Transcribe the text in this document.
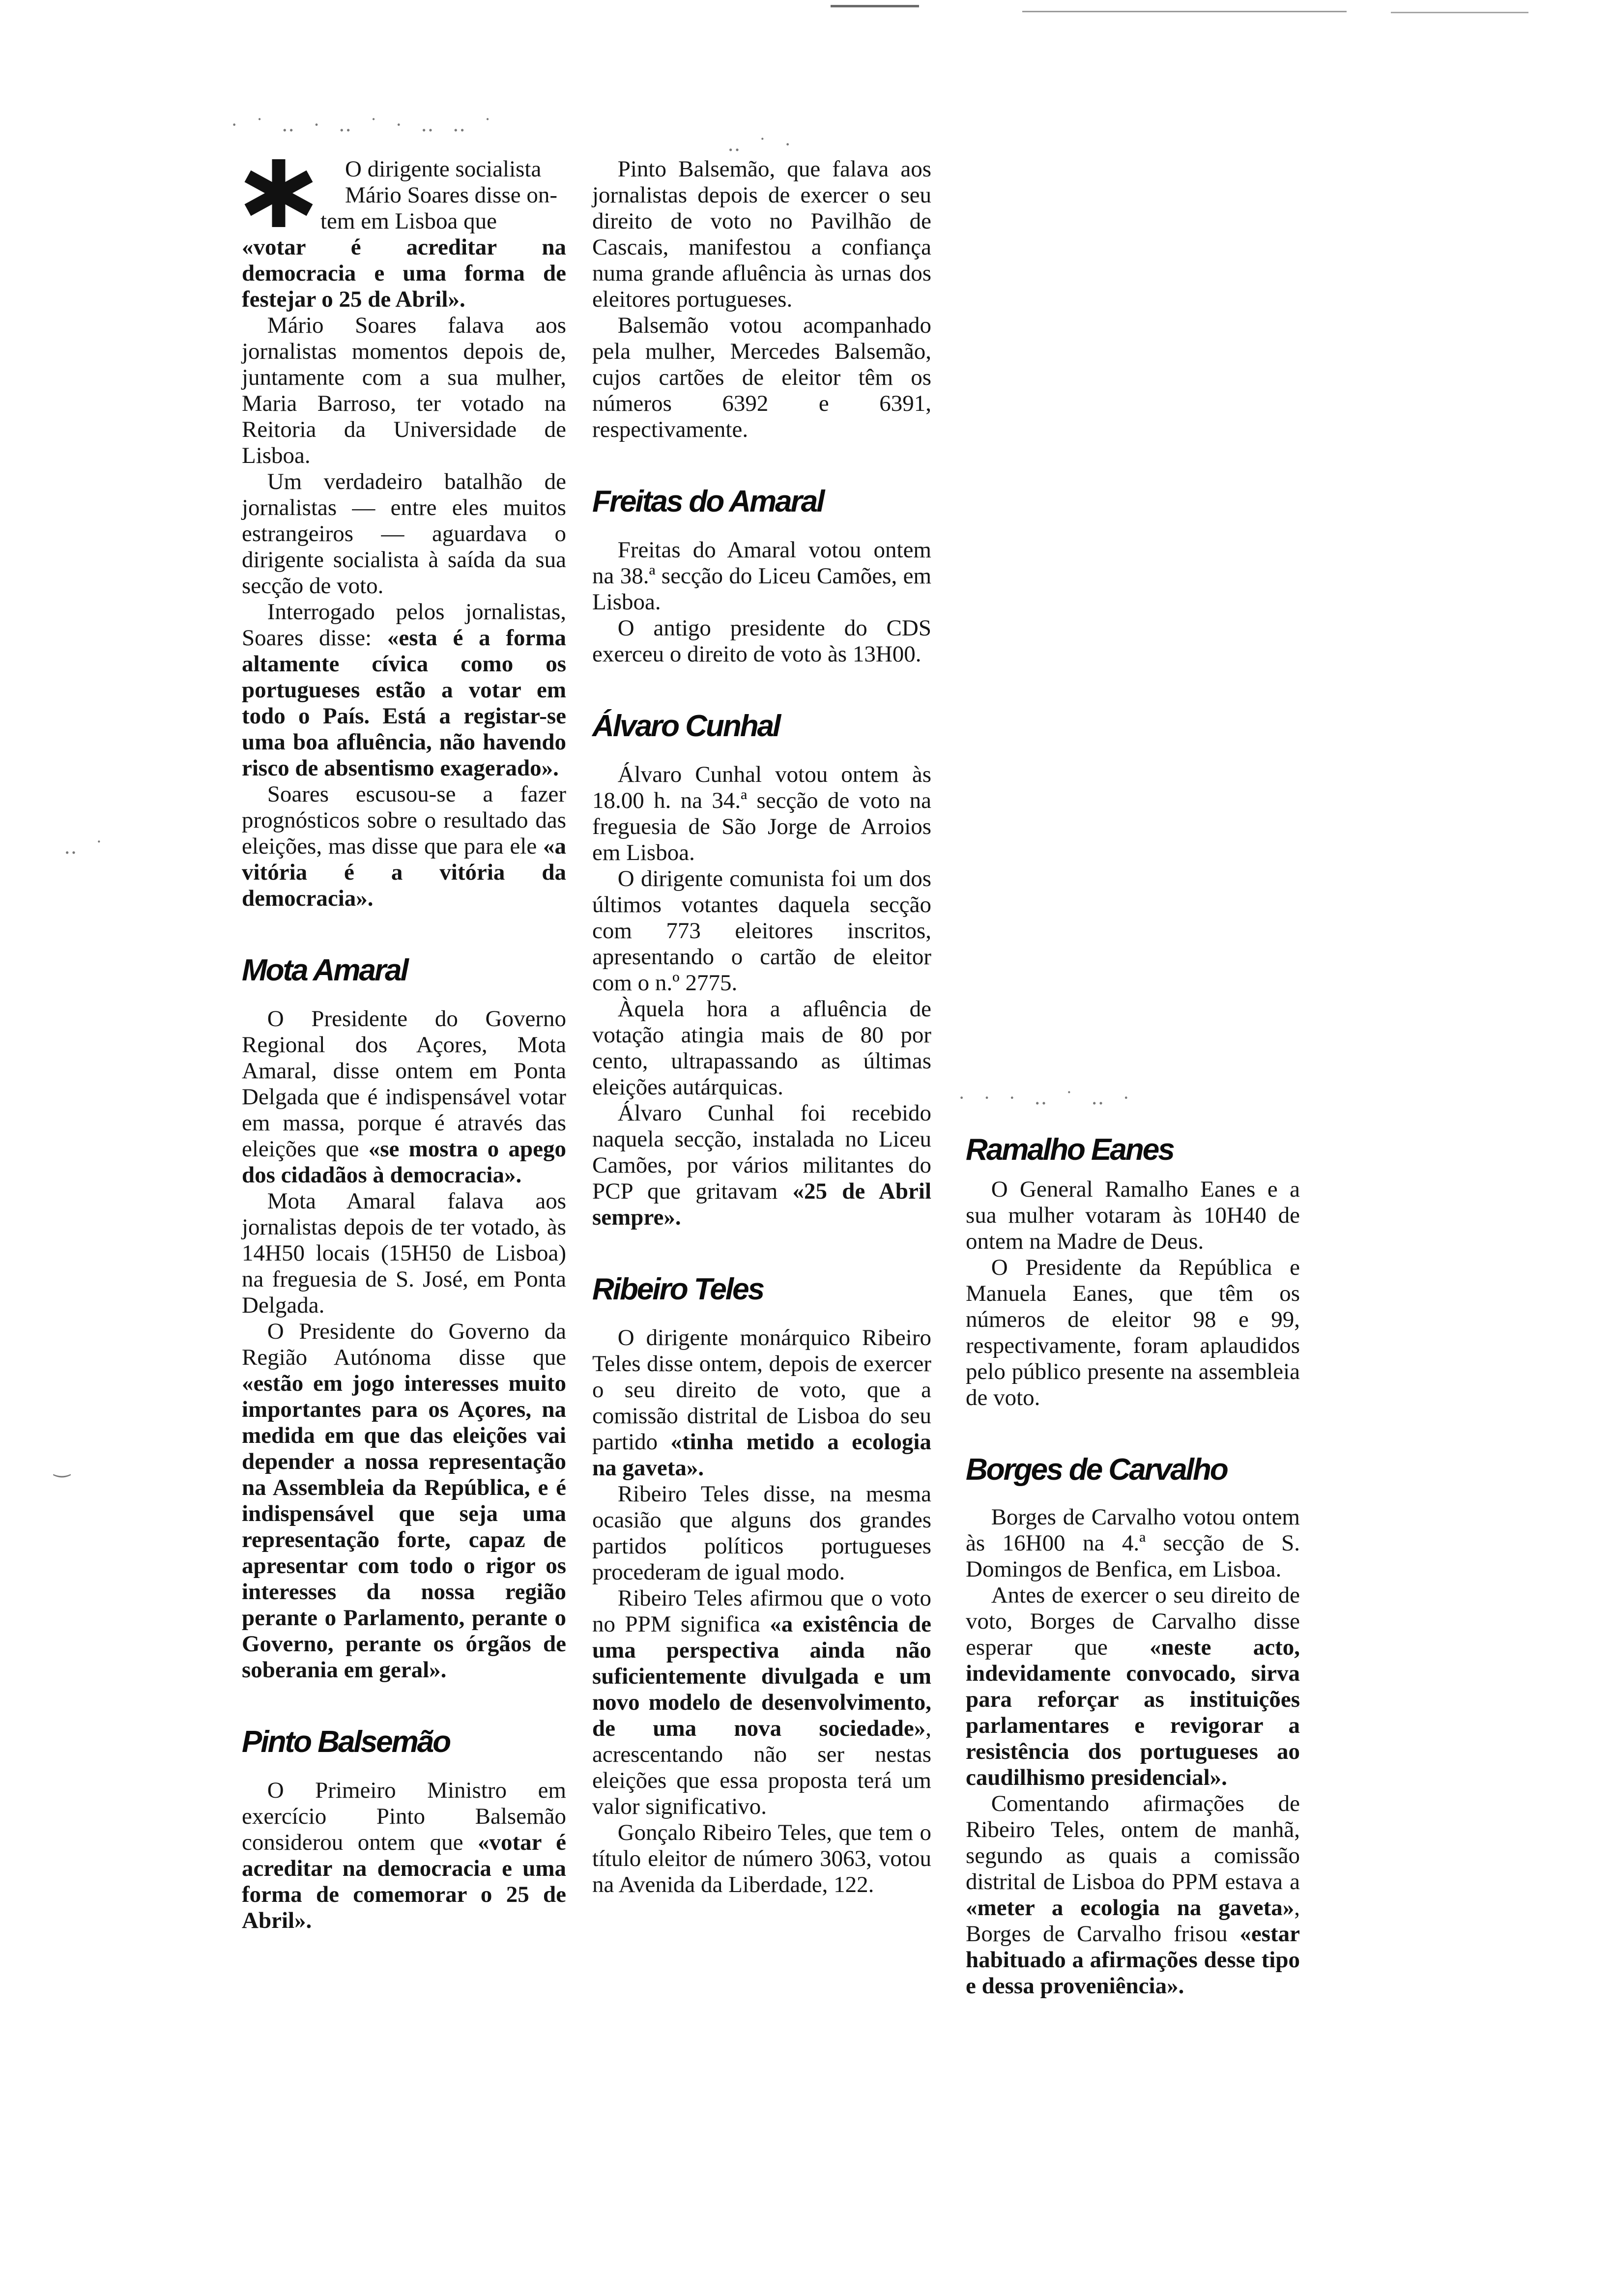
· ˙ ‥ · ‥ ˙ · ‥ ‥ ˙
‥ ˙ ·
· · · ‥ ˙ ‥ ·
‥ ˙
‿

O dirigente socialista

Mário Soares disse on-

tem em Lisboa que

«votar é acreditar na democracia e uma forma de festejar o 25 de Abril».

Mário Soares falava aos jornalistas momentos depois de, juntamente com a sua mulher, Maria Barroso, ter votado na Reitoria da Universidade de Lisboa.

Um verdadeiro batalhão de jornalistas — entre eles muitos estrangeiros — aguardava o dirigente socialista à saída da sua secção de voto.

Interrogado pelos jornalistas, Soares disse: «esta é a forma altamente cívica como os portugueses estão a votar em todo o País. Está a registar-se uma boa afluência, não havendo risco de absentismo exagerado».

Soares escusou-se a fazer prognósticos sobre o resultado das eleições, mas disse que para ele «a vitória é a vitória da democracia».

Mota Amaral

O Presidente do Governo Regional dos Açores, Mota Amaral, disse ontem em Ponta Delgada que é indispensável votar em massa, porque é através das eleições que «se mostra o apego dos cidadãos à democracia».

Mota Amaral falava aos jornalistas depois de ter votado, às 14H50 locais (15H50 de Lisboa) na freguesia de S. José, em Ponta Delgada.

O Presidente do Governo da Região Autónoma disse que «estão em jogo interesses muito importantes para os Açores, na medida em que das eleições vai depender a nossa representação na Assembleia da República, e é indispensável que seja uma representação forte, capaz de apresentar com todo o rigor os interesses da nossa região perante o Parlamento, perante o Governo, perante os órgãos de soberania em geral».

Pinto Balsemão

O Primeiro Ministro em exercício Pinto Balsemão considerou ontem que «votar é acreditar na democracia e uma forma de comemorar o 25 de Abril».

Pinto Balsemão, que falava aos jornalistas depois de exercer o seu direito de voto no Pavilhão de Cascais, manifestou a confiança numa grande afluência às urnas dos eleitores portugueses.

Balsemão votou acompanhado pela mulher, Mercedes Balsemão, cujos cartões de eleitor têm os números 6392 e 6391, respectivamente.

Freitas do Amaral

Freitas do Amaral votou ontem na 38.ª secção do Liceu Camões, em Lisboa.

O antigo presidente do CDS exerceu o direito de voto às 13H00.

Álvaro Cunhal

Álvaro Cunhal votou ontem às 18.00 h. na 34.ª secção de voto na freguesia de São Jorge de Arroios em Lisboa.

O dirigente comunista foi um dos últimos votantes daquela secção com 773 eleitores inscritos, apresentando o cartão de eleitor com o n.º 2775.

Àquela hora a afluência de votação atingia mais de 80 por cento, ultrapassando as últimas eleições autárquicas.

Álvaro Cunhal foi recebido naquela secção, instalada no Liceu Camões, por vários militantes do PCP que gritavam «25 de Abril sempre».

Ribeiro Teles

O dirigente monárquico Ribeiro Teles disse ontem, depois de exercer o seu direito de voto, que a comissão distrital de Lisboa do seu partido «tinha metido a ecologia na gaveta».

Ribeiro Teles disse, na mesma ocasião que alguns dos grandes partidos políticos portugueses procederam de igual modo.

Ribeiro Teles afirmou que o voto no PPM significa «a existência de uma perspectiva ainda não suficientemente divulgada e um novo modelo de desenvolvimento, de uma nova sociedade», acrescentando não ser nestas eleições que essa proposta terá um valor significativo.

Gonçalo Ribeiro Teles, que tem o título eleitor de número 3063, votou na Avenida da Liberdade, 122.

Ramalho Eanes

O General Ramalho Eanes e a sua mulher votaram às 10H40 de ontem na Madre de Deus.

O Presidente da República e Manuela Eanes, que têm os números de eleitor 98 e 99, respectivamente, foram aplaudidos pelo público presente na assembleia de voto.

Borges de Carvalho

Borges de Carvalho votou ontem às 16H00 na 4.ª secção de S. Domingos de Benfica, em Lisboa.

Antes de exercer o seu direito de voto, Borges de Carvalho disse esperar que «neste acto, indevidamente convocado, sirva para reforçar as instituições parlamentares e revigorar a resistência dos portugueses ao caudilhismo presidencial».

Comentando afirmações de Ribeiro Teles, ontem de manhã, segundo as quais a comissão distrital de Lisboa do PPM estava a «meter a ecologia na gaveta», Borges de Carvalho frisou «estar habituado a afirmações desse tipo e dessa proveniência».
